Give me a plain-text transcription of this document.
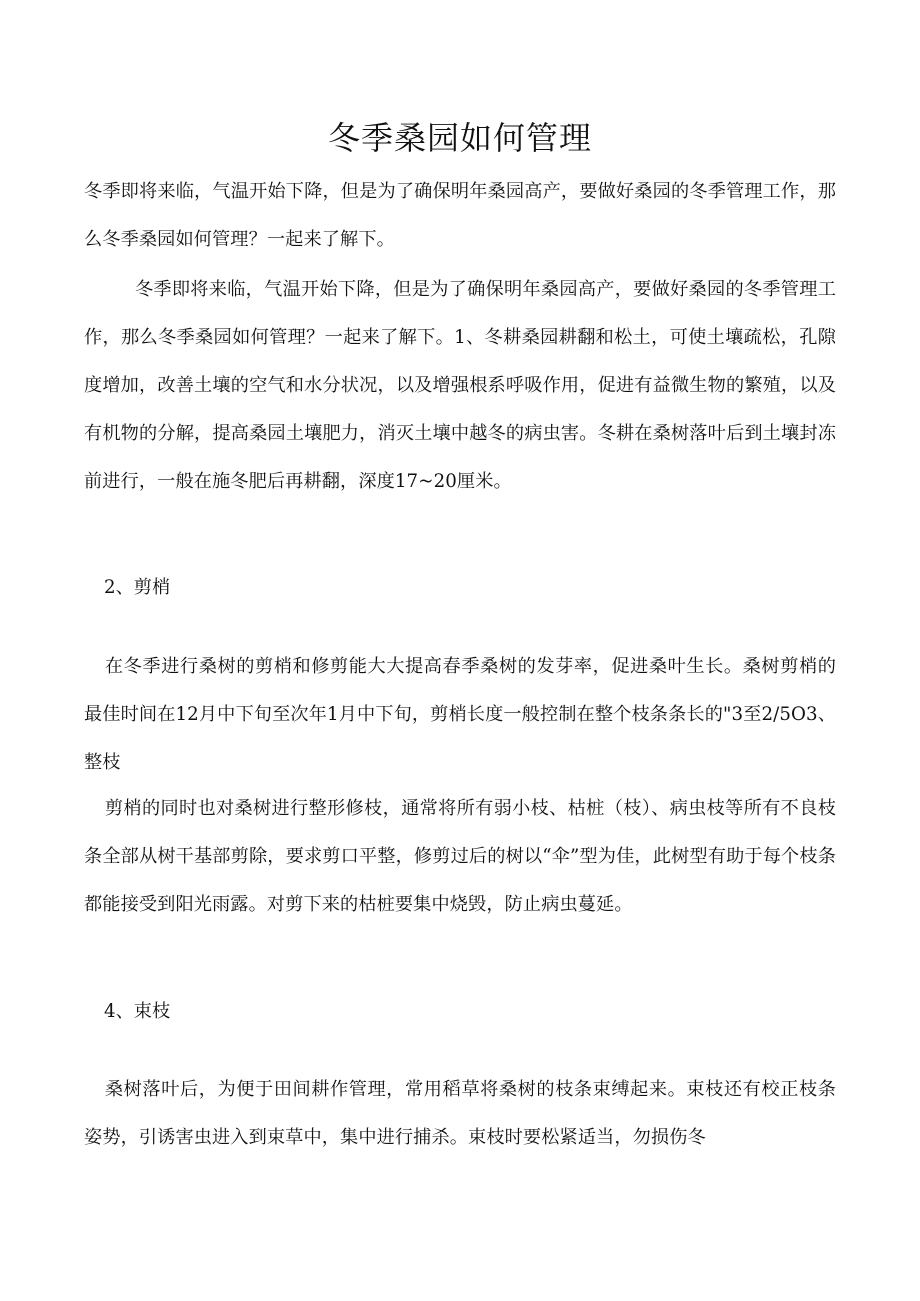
冬季桑园如何管理

冬季即将来临，气温开始下降，但是为了确保明年桑园高产，要做好桑园的冬季管理工作，那么冬季桑园如何管理？一起来了解下。

冬季即将来临，气温开始下降，但是为了确保明年桑园高产，要做好桑园的冬季管理工作，那么冬季桑园如何管理？一起来了解下。1、冬耕桑园耕翻和松土，可使土壤疏松，孔隙度增加，改善土壤的空气和水分状况，以及增强根系呼吸作用，促进有益微生物的繁殖，以及有机物的分解，提高桑园土壤肥力，消灭土壤中越冬的病虫害。冬耕在桑树落叶后到土壤封冻前进行，一般在施冬肥后再耕翻，深度17~20厘米。

2、剪梢

在冬季进行桑树的剪梢和修剪能大大提高春季桑树的发芽率，促进桑叶生长。桑树剪梢的最佳时间在12月中下旬至次年1月中下旬，剪梢长度一般控制在整个枝条条长的"3至2/5O3、整枝

剪梢的同时也对桑树进行整形修枝，通常将所有弱小枝、枯桩（枝）、病虫枝等所有不良枝条全部从树干基部剪除，要求剪口平整，修剪过后的树以“伞”型为佳，此树型有助于每个枝条都能接受到阳光雨露。对剪下来的枯桩要集中烧毁，防止病虫蔓延。

4、束枝

桑树落叶后，为便于田间耕作管理，常用稻草将桑树的枝条束缚起来。束枝还有校正枝条姿势，引诱害虫进入到束草中，集中进行捕杀。束枝时要松紧适当，勿损伤冬
